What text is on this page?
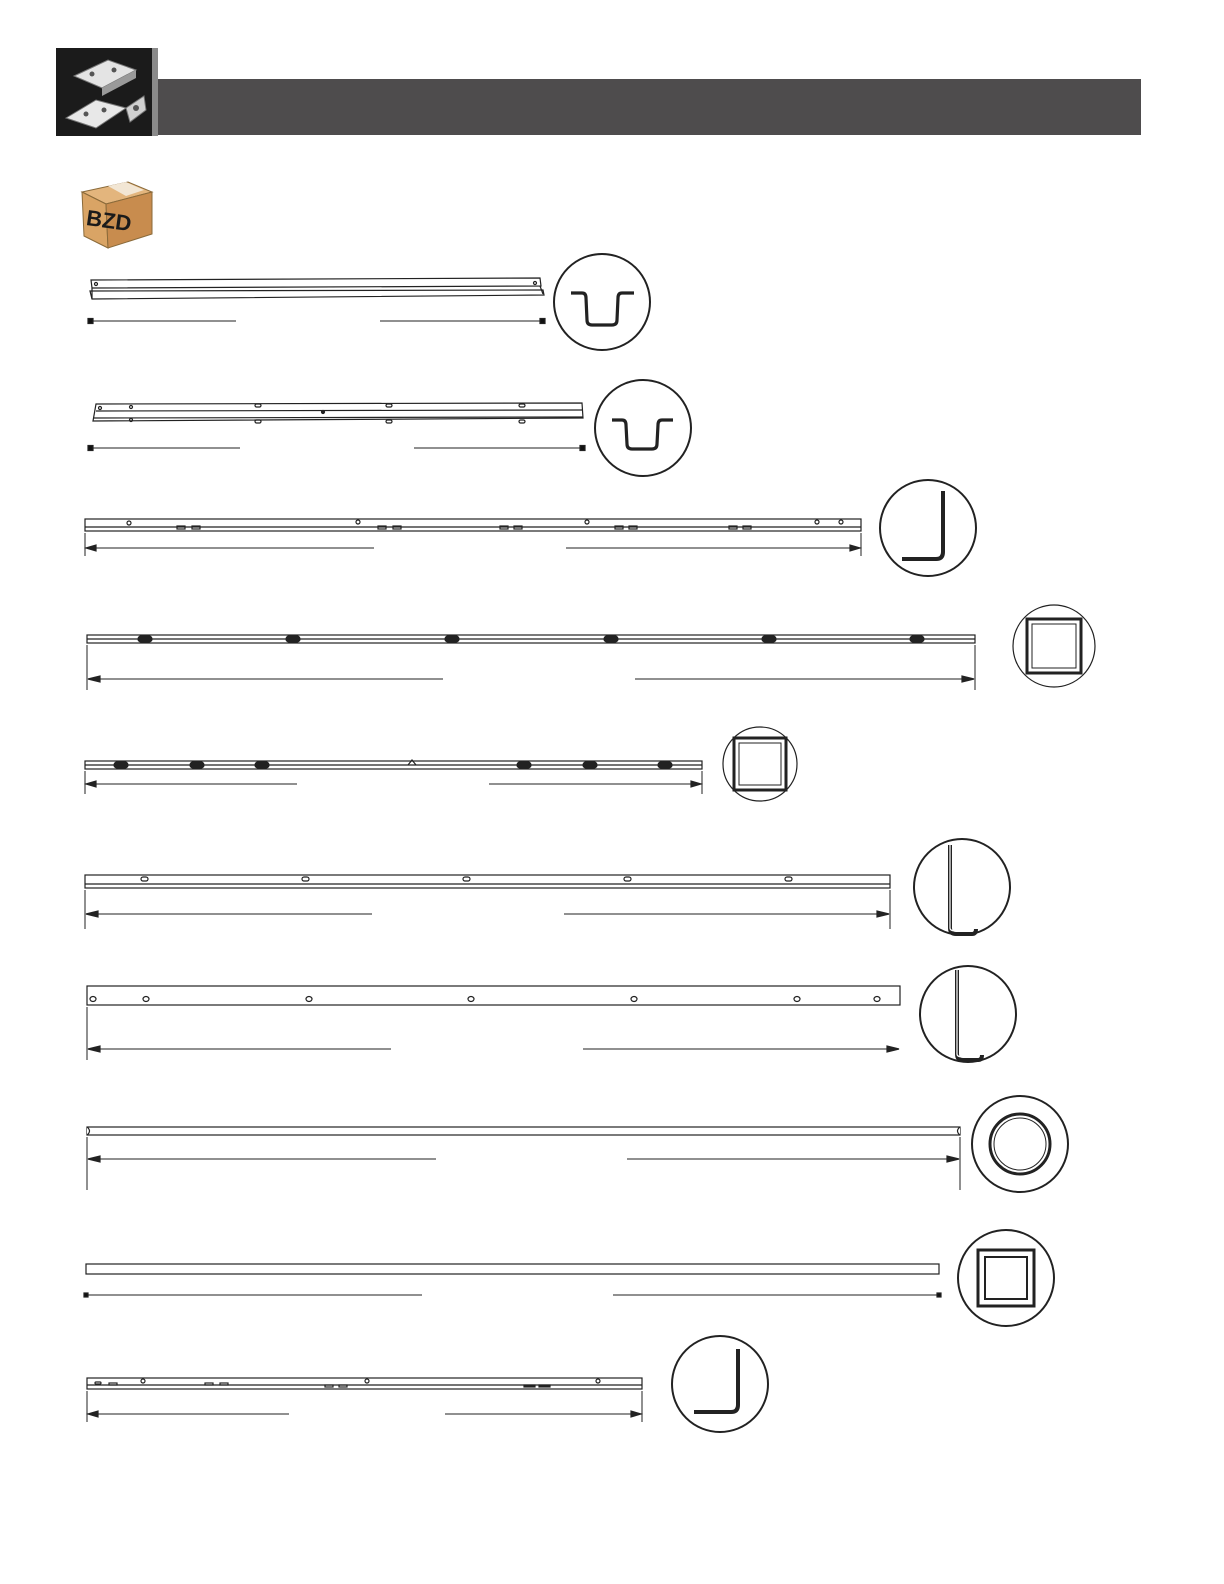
BZD
